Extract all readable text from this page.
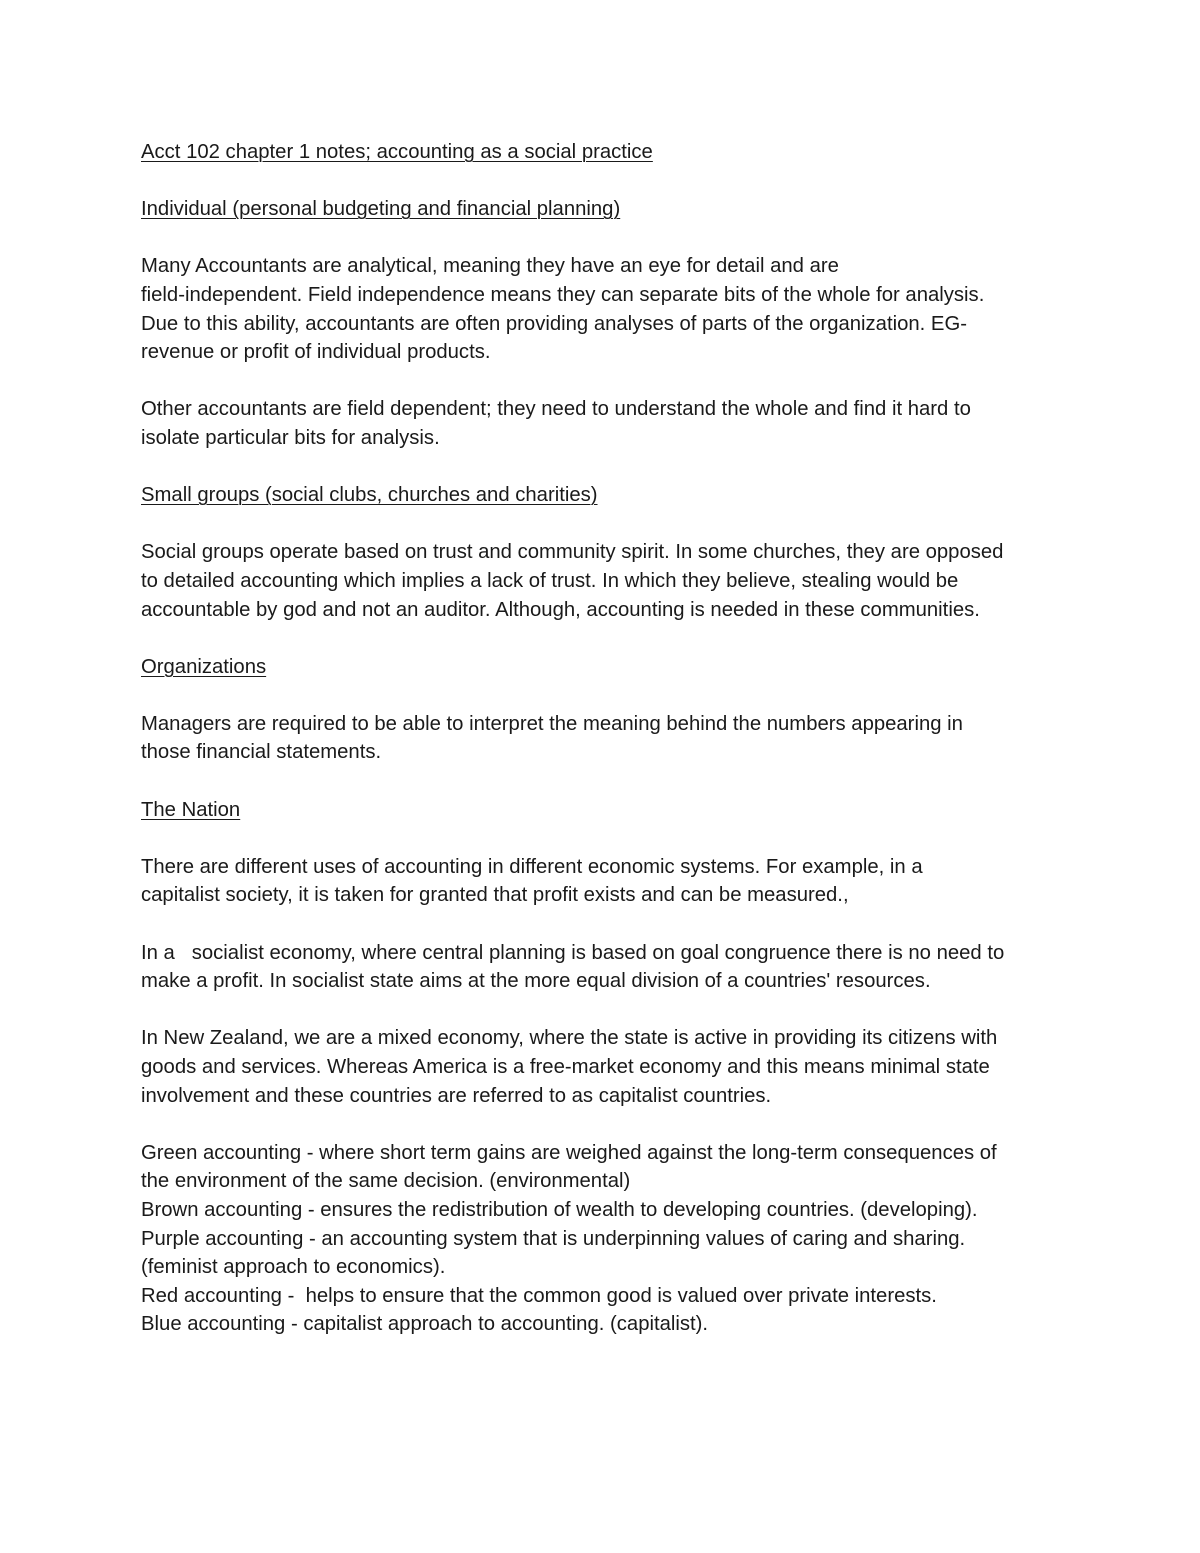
Acct 102 chapter 1 notes; accounting as a social practice
Individual (personal budgeting and financial planning)
Many Accountants are analytical, meaning they have an eye for detail and are
field-independent. Field independence means they can separate bits of the whole for analysis.
Due to this ability, accountants are often providing analyses of parts of the organization. EG-
revenue or profit of individual products.
Other accountants are field dependent; they need to understand the whole and find it hard to
isolate particular bits for analysis.
Small groups (social clubs, churches and charities)
Social groups operate based on trust and community spirit. In some churches, they are opposed
to detailed accounting which implies a lack of trust. In which they believe, stealing would be
accountable by god and not an auditor. Although, accounting is needed in these communities.
Organizations
Managers are required to be able to interpret the meaning behind the numbers appearing in
those financial statements.
The Nation
There are different uses of accounting in different economic systems. For example, in a
capitalist society, it is taken for granted that profit exists and can be measured.,
In a   socialist economy, where central planning is based on goal congruence there is no need to
make a profit. In socialist state aims at the more equal division of a countries' resources.
In New Zealand, we are a mixed economy, where the state is active in providing its citizens with
goods and services. Whereas America is a free-market economy and this means minimal state
involvement and these countries are referred to as capitalist countries.
Green accounting - where short term gains are weighed against the long-term consequences of
the environment of the same decision. (environmental)
Brown accounting - ensures the redistribution of wealth to developing countries. (developing).
Purple accounting - an accounting system that is underpinning values of caring and sharing.
(feminist approach to economics).
Red accounting -  helps to ensure that the common good is valued over private interests.
Blue accounting - capitalist approach to accounting. (capitalist).
